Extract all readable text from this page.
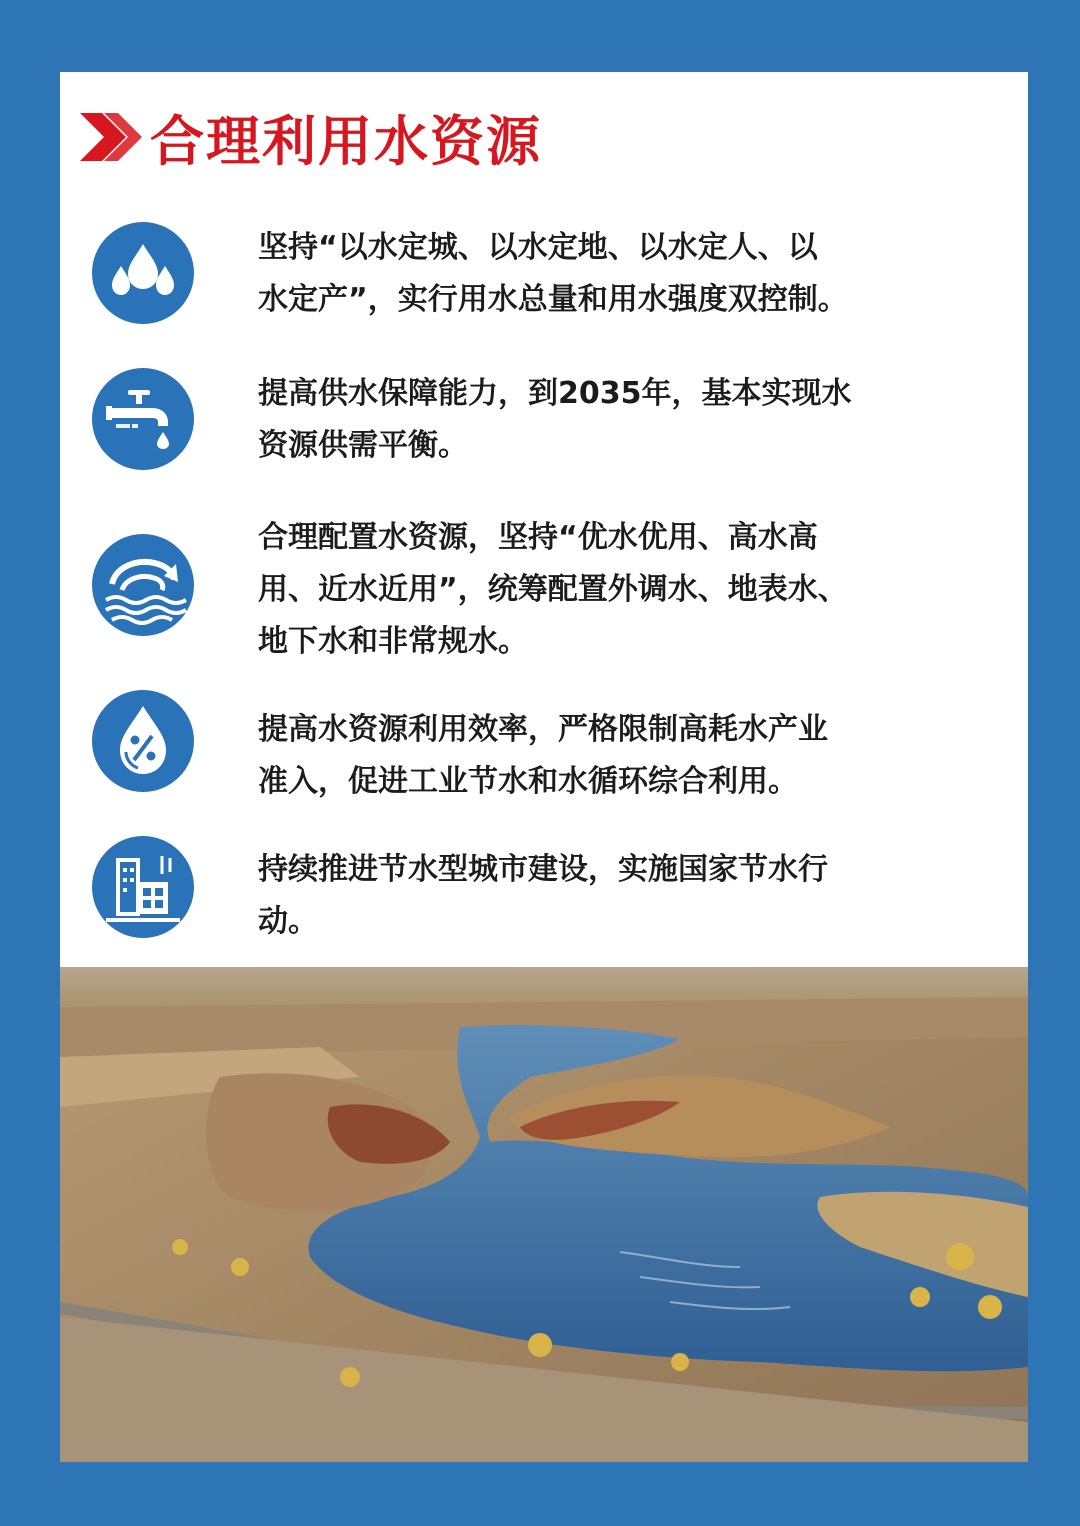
合理利用水资源
坚持“以水定城、以水定地、以水定人、以
水定产”，实行用水总量和用水强度双控制。
提高供水保障能力，到2035年，基本实现水
资源供需平衡。
合理配置水资源，坚持“优水优用、高水高
用、近水近用”，统筹配置外调水、地表水、
地下水和非常规水。
提高水资源利用效率，严格限制高耗水产业
准入，促进工业节水和水循环综合利用。
持续推进节水型城市建设，实施国家节水行
动。
